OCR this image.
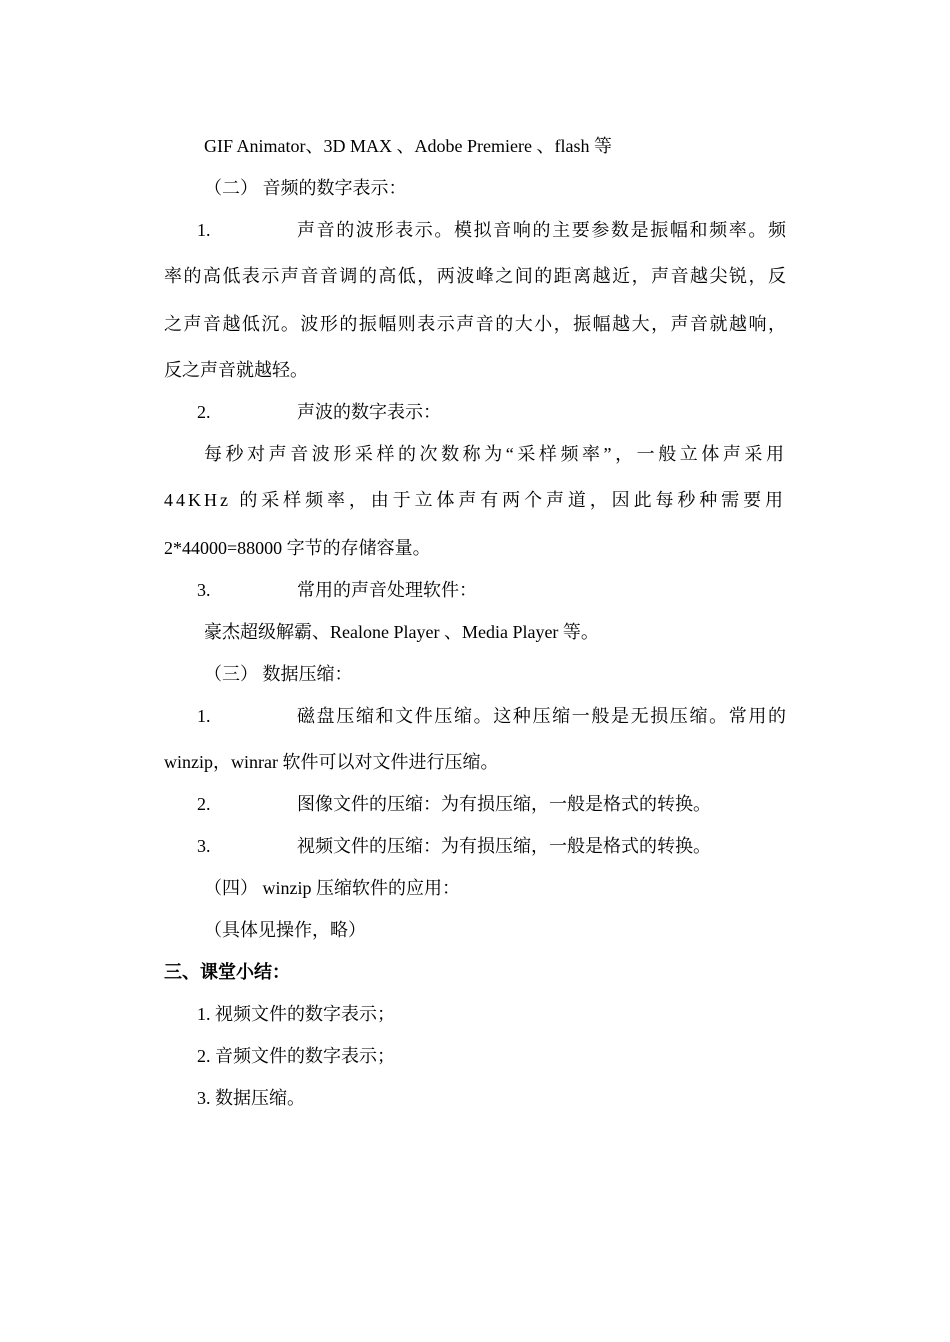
GIF Animator、3D MAX 、Adobe Premiere 、flash 等
（二） 音频的数字表示：
1.	声音的波形表示。模拟音响的主要参数是振幅和频率。频
率的高低表示声音音调的高低，两波峰之间的距离越近，声音越尖锐，反
之声音越低沉。波形的振幅则表示声音的大小，振幅越大，声音就越响，
反之声音就越轻。
2.	声波的数字表示：
每秒对声音波形采样的次数称为“采样频率”，一般立体声采用
44KHz 的采样频率，由于立体声有两个声道，因此每秒种需要用
2*44000=88000 字节的存储容量。
3.	常用的声音处理软件：
豪杰超级解霸、Realone Player 、Media Player 等。
（三） 数据压缩：
1.	磁盘压缩和文件压缩。这种压缩一般是无损压缩。常用的
winzip，winrar 软件可以对文件进行压缩。
2.	图像文件的压缩：为有损压缩，一般是格式的转换。
3.	视频文件的压缩：为有损压缩，一般是格式的转换。
（四） winzip 压缩软件的应用：
（具体见操作，略）
三、课堂小结：
1. 视频文件的数字表示；
2. 音频文件的数字表示；
3. 数据压缩。
